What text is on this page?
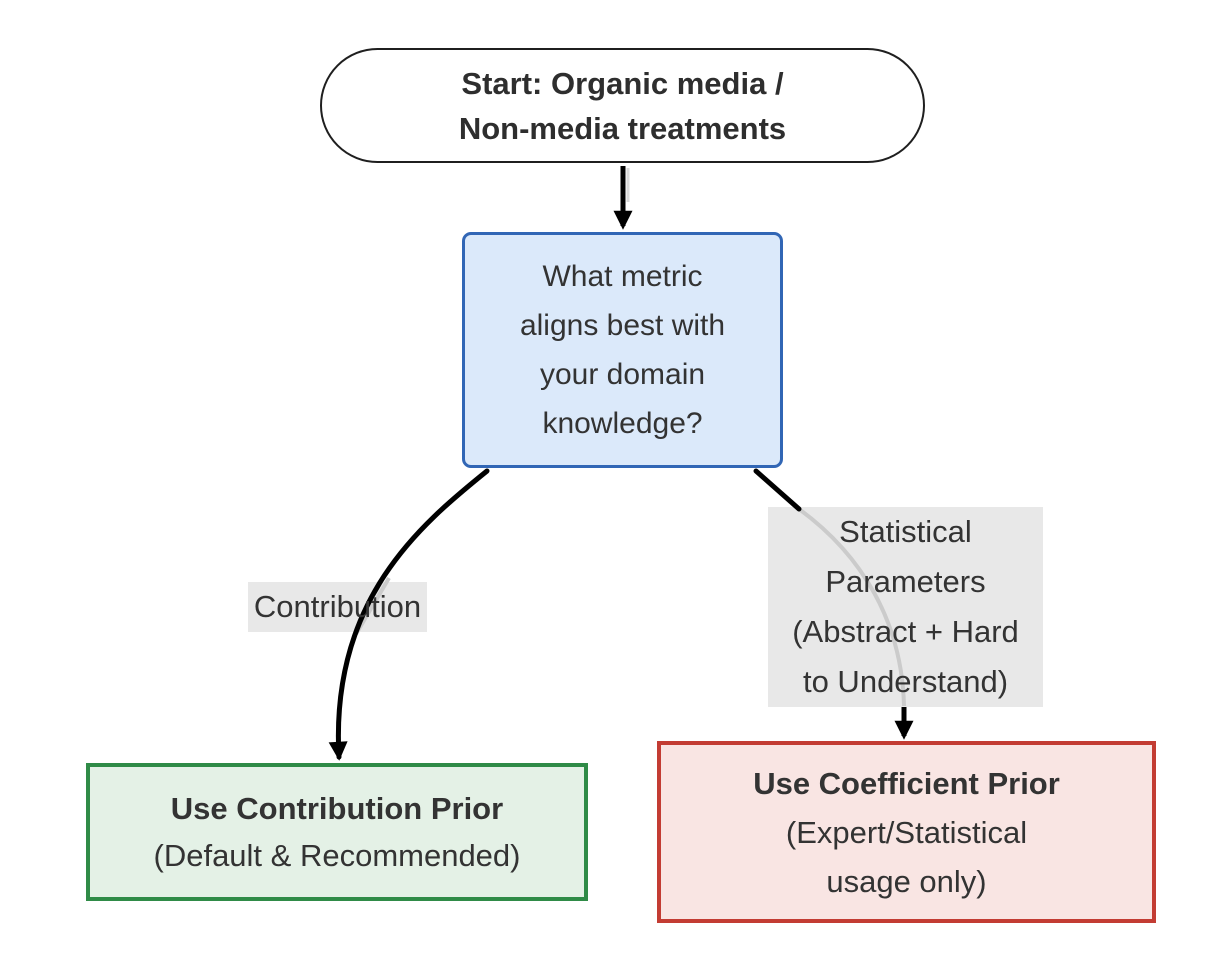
Start: Organic media /
Non-media treatments
What metric
aligns best with
your domain
knowledge?
Use Contribution Prior
(Default & Recommended)
Use Coefficient Prior
(Expert/Statistical
usage only)
Contribution
Statistical
Parameters
(Abstract + Hard
to Understand)
